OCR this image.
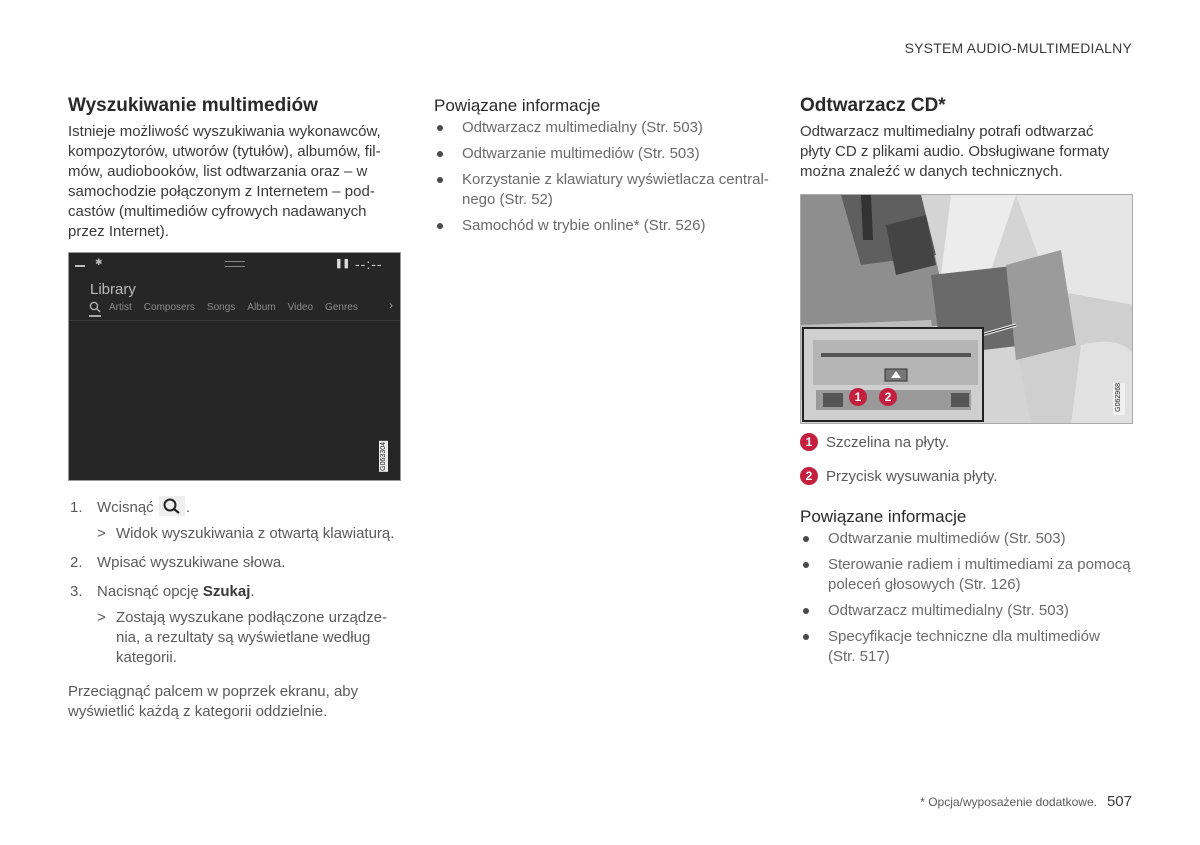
SYSTEM AUDIO-MULTIMEDIALNY
Wyszukiwanie multimediów

Istnieje możliwość wyszukiwania wykonawców,
kompozytorów, utworów (tytułów), albumów, fil-
mów, audiobooków, list odtwarzania oraz – w
samochodzie połączonym z Internetem – pod-
castów (multimediów cyfrowych nadawanych
przez Internet).

✱	❚❚ --:--
Library
Artist Composers Songs Album Video Genres	›
G063304
1. Wcisnąć .
> Widok wyszukiwania z otwartą klawiaturą.
2. Wpisać wyszukiwane słowa.
3. Nacisnąć opcję Szukaj.
> Zostają wyszukane podłączone urządze-
nia, a rezultaty są wyświetlane według
kategorii.

Przeciągnąć palcem w poprzek ekranu, aby
wyświetlić każdą z kategorii oddzielnie.

Powiązane informacje
Odtwarzacz multimedialny (Str. 503)
Odtwarzanie multimediów (Str. 503)
Korzystanie z klawiatury wyświetlacza central-
nego (Str. 52)
Samochód w trybie online* (Str. 526)
Odtwarzacz CD*

Odtwarzacz multimedialny potrafi odtwarzać
płyty CD z plikami audio. Obsługiwane formaty
można znaleźć w danych technicznych.

1	2	G062968
1 Szczelina na płyty.
2 Przycisk wysuwania płyty.
Powiązane informacje
Odtwarzanie multimediów (Str. 503)
Sterowanie radiem i multimediami za pomocą
poleceń głosowych (Str. 126)
Odtwarzacz multimedialny (Str. 503)
Specyfikacje techniczne dla multimediów
(Str. 517)
* Opcja/wyposażenie dodatkowe. 507
